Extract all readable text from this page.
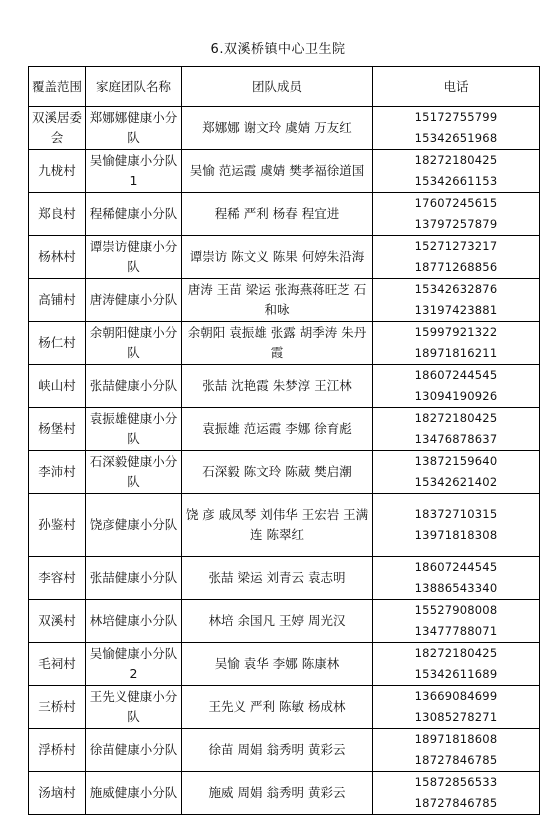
6.双溪桥镇中心卫生院
覆盖范围	家庭团队名称	团队成员	电话
双溪居委会	郑娜娜健康小分队	郑娜娜 谢文玲 虞婧 万友红	15172755799
15342651968

九栊村	吴愉健康小分队1	吴愉 范运霞 虞婧 樊孝福徐道国	18272180425
15342661153

郑良村	程稀健康小分队	程稀 严利 杨春 程宜进	17607245615
13797257879

杨林村	谭崇访健康小分队	谭崇访 陈文义 陈果 何婷朱沿海	15271273217
18771268856

高铺村	唐涛健康小分队	唐涛 王苗 梁运 张海燕蒋旺芝 石和咏	15342632876
13197423881

杨仁村	余朝阳健康小分队	余朝阳 袁振雄 张露 胡季涛 朱丹霞	15997921322
18971816211

峡山村	张喆健康小分队	张喆 沈艳霞 朱梦淳 王江林	18607244545
13094190926

杨堡村	袁振雄健康小分队	袁振雄 范运霞 李娜 徐育彪	18272180425
13476878637

李沛村	石深毅健康小分队	石深毅 陈文玲 陈葳 樊启潮	13872159640
15342621402

孙鉴村	饶彦健康小分队	饶 彦 戚凤琴 刘伟华 王宏岩 王满连 陈翠红	18372710315
13971818308

李容村	张喆健康小分队	张喆 梁运 刘青云 袁志明	18607244545
13886543340

双溪村	林培健康小分队	林培 余国凡 王婷 周光汉	15527908008
13477788071

毛祠村	吴愉健康小分队2	吴愉 袁华 李娜 陈康林	18272180425
15342611689

三桥村	王先义健康小分队	王先义 严利 陈敏 杨成林	13669084699
13085278271

浮桥村	徐苗健康小分队	徐苗 周娟 翁秀明 黄彩云	18971818608
18727846785

汤垴村	施威健康小分队	施威 周娟 翁秀明 黄彩云	15872856533
18727846785
